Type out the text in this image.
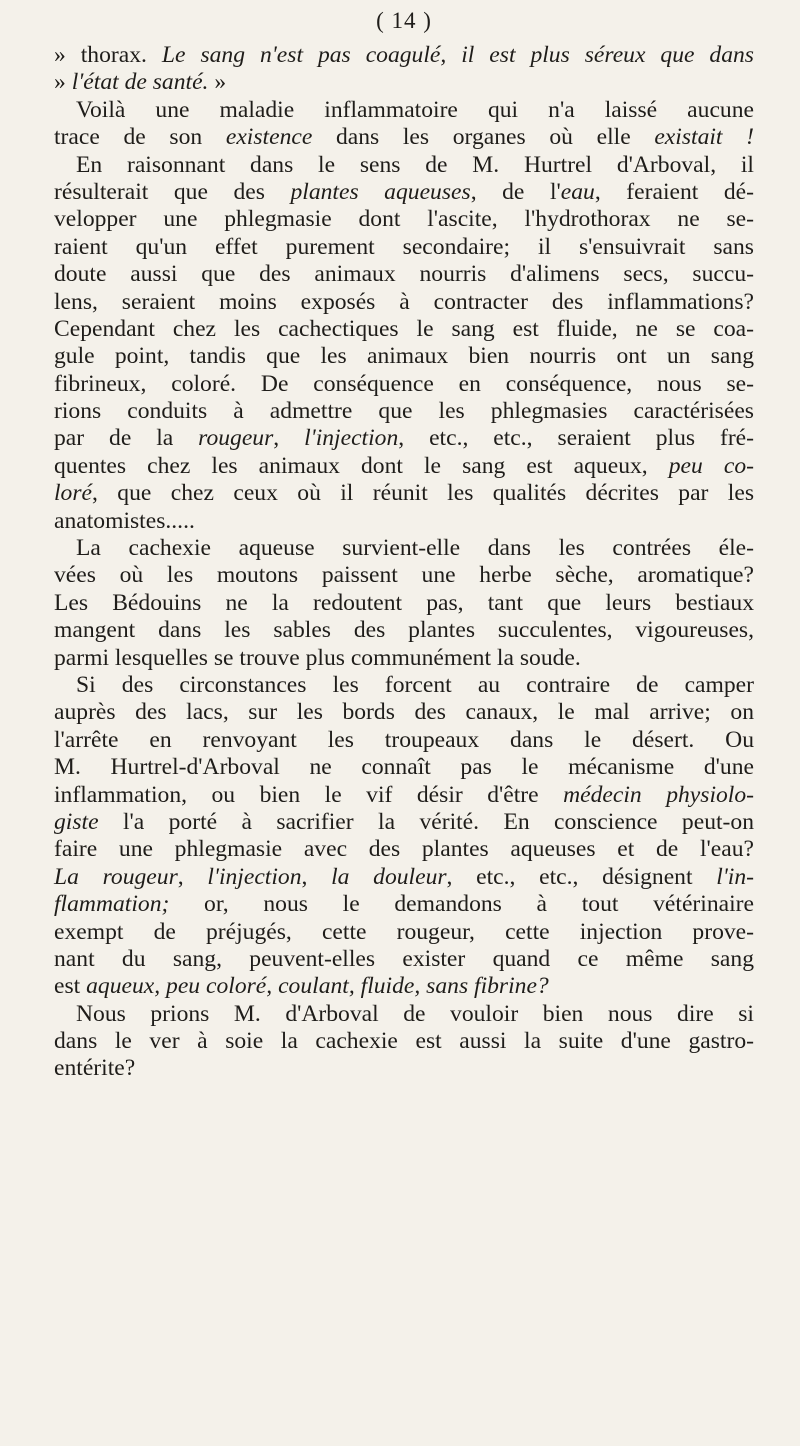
( 14 )
» thorax. Le sang n'est pas coagulé, il est plus séreux que dans
» l'état de santé. »
Voilà une maladie inflammatoire qui n'a laissé aucune
trace de son existence dans les organes où elle existait !
En raisonnant dans le sens de M. Hurtrel d'Arboval, il
résulterait que des plantes aqueuses, de l'eau, feraient dé-
velopper une phlegmasie dont l'ascite, l'hydrothorax ne se-
raient qu'un effet purement secondaire; il s'ensuivrait sans
doute aussi que des animaux nourris d'alimens secs, succu-
lens, seraient moins exposés à contracter des inflammations?
Cependant chez les cachectiques le sang est fluide, ne se coa-
gule point, tandis que les animaux bien nourris ont un sang
fibrineux, coloré. De conséquence en conséquence, nous se-
rions conduits à admettre que les phlegmasies caractérisées
par de la rougeur, l'injection, etc., etc., seraient plus fré-
quentes chez les animaux dont le sang est aqueux, peu co-
loré, que chez ceux où il réunit les qualités décrites par les
anatomistes.....
La cachexie aqueuse survient-elle dans les contrées éle-
vées où les moutons paissent une herbe sèche, aromatique?
Les Bédouins ne la redoutent pas, tant que leurs bestiaux
mangent dans les sables des plantes succulentes, vigoureuses,
parmi lesquelles se trouve plus communément la soude.
Si des circonstances les forcent au contraire de camper
auprès des lacs, sur les bords des canaux, le mal arrive; on
l'arrête en renvoyant les troupeaux dans le désert. Ou
M. Hurtrel-d'Arboval ne connaît pas le mécanisme d'une
inflammation, ou bien le vif désir d'être médecin physiolo-
giste l'a porté à sacrifier la vérité. En conscience peut-on
faire une phlegmasie avec des plantes aqueuses et de l'eau?
La rougeur, l'injection, la douleur, etc., etc., désignent l'in-
flammation; or, nous le demandons à tout vétérinaire
exempt de préjugés, cette rougeur, cette injection prove-
nant du sang, peuvent-elles exister quand ce même sang
est aqueux, peu coloré, coulant, fluide, sans fibrine?
Nous prions M. d'Arboval de vouloir bien nous dire si
dans le ver à soie la cachexie est aussi la suite d'une gastro-
entérite?
